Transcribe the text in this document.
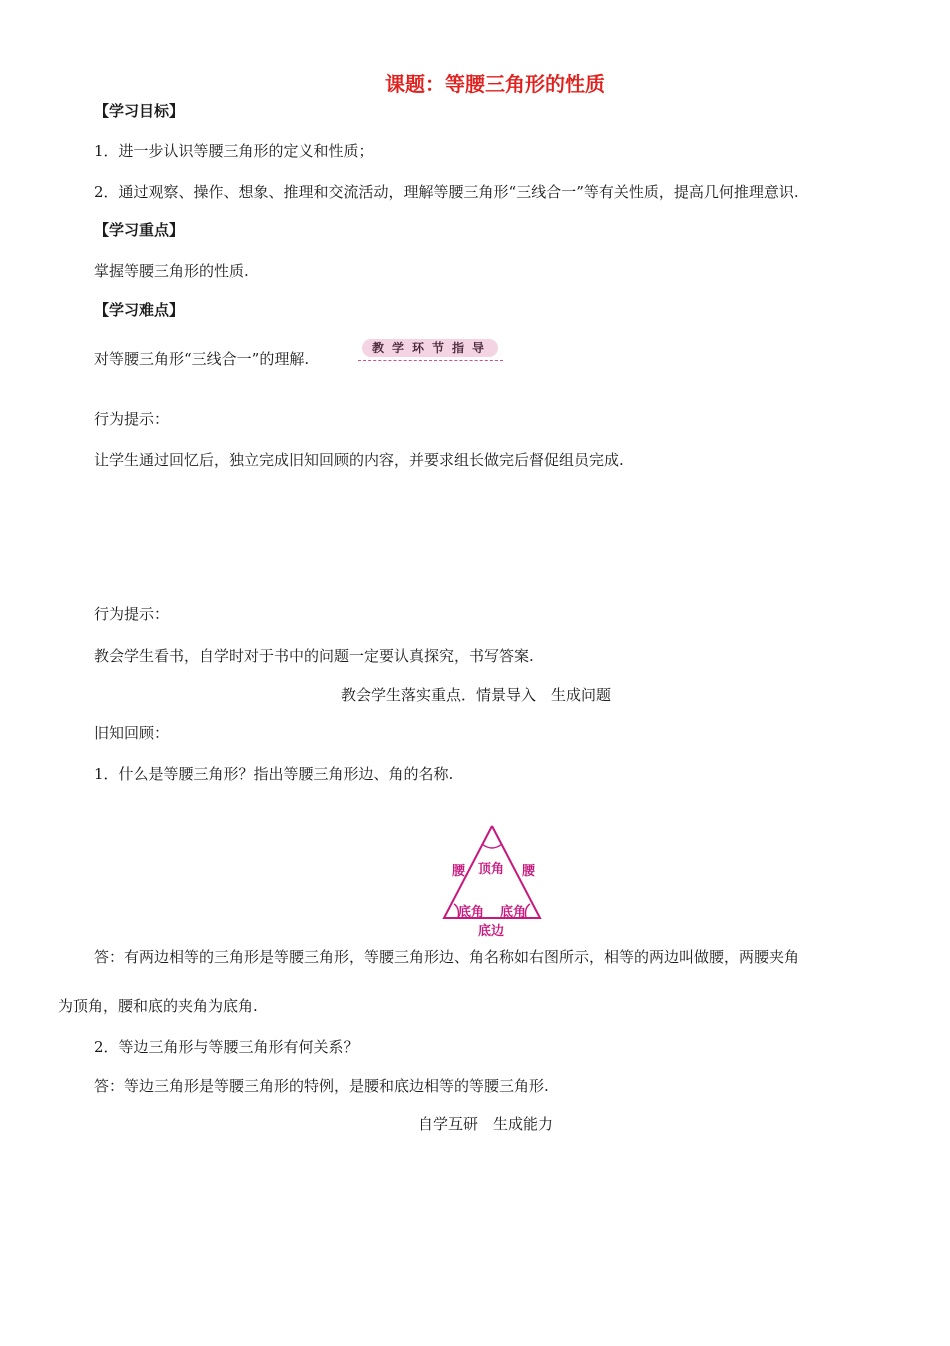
课题：等腰三角形的性质
【学习目标】
1．进一步认识等腰三角形的定义和性质；
2．通过观察、操作、想象、推理和交流活动，理解等腰三角形“三线合一”等有关性质，提高几何推理意识.
【学习重点】
掌握等腰三角形的性质.
【学习难点】
对等腰三角形“三线合一”的理解.
教学环节指导
行为提示：
让学生通过回忆后，独立完成旧知回顾的内容，并要求组长做完后督促组员完成.
行为提示：
教会学生看书，自学时对于书中的问题一定要认真探究，书写答案.
教会学生落实重点．情景导入　生成问题
旧知回顾：
1．什么是等腰三角形？指出等腰三角形边、角的名称.
腰	腰
顶角
底角 底角
底边
答：有两边相等的三角形是等腰三角形，等腰三角形边、角名称如右图所示，相等的两边叫做腰，两腰夹角
为顶角，腰和底的夹角为底角.
2．等边三角形与等腰三角形有何关系？
答：等边三角形是等腰三角形的特例，是腰和底边相等的等腰三角形.
自学互研　生成能力
